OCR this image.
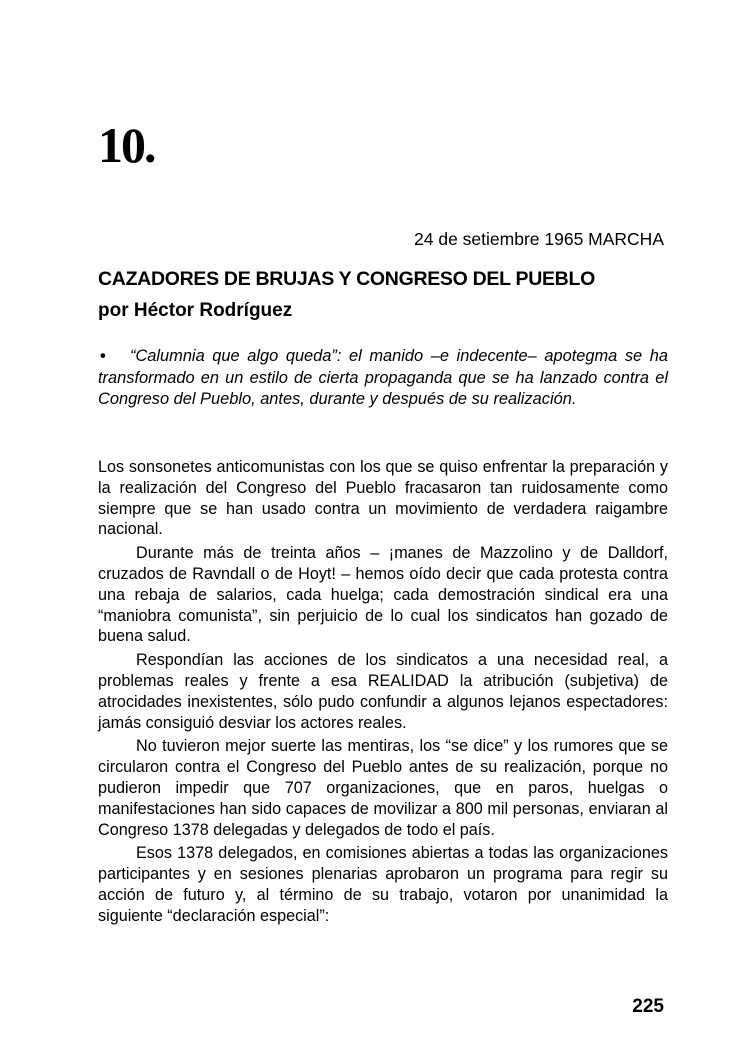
10.
24 de setiembre 1965 MARCHA
CAZADORES DE BRUJAS Y CONGRESO DEL PUEBLO
por Héctor Rodríguez
• “Calumnia que algo queda”: el manido –e indecente– apotegma se ha transformado en un estilo de cierta propaganda que se ha lanzado contra el Congreso del Pueblo, antes, durante y después de su realización.

Los sonsonetes anticomunistas con los que se quiso enfrentar la preparación y la realización del Congreso del Pueblo fracasaron tan ruidosamente como siempre que se han usado contra un movimiento de verdadera raigambre nacional.

Durante más de treinta años – ¡manes de Mazzolino y de Dalldorf, cruzados de Ravndall o de Hoyt! – hemos oído decir que cada protesta contra una rebaja de salarios, cada huelga; cada demostración sindical era una “maniobra comunista”, sin perjuicio de lo cual los sindicatos han gozado de buena salud.

Respondían las acciones de los sindicatos a una necesidad real, a problemas reales y frente a esa REALIDAD la atribución (subjetiva) de atrocidades inexistentes, sólo pudo confundir a algunos lejanos espectadores: jamás consiguió desviar los actores reales.

No tuvieron mejor suerte las mentiras, los “se dice” y los rumores que se circularon contra el Congreso del Pueblo antes de su realización, porque no pudieron impedir que 707 organizaciones, que en paros, huelgas o manifestaciones han sido capaces de movilizar a 800 mil personas, enviaran al Congreso 1378 delegadas y delegados de todo el país.

Esos 1378 delegados, en comisiones abiertas a todas las organizaciones participantes y en sesiones plenarias aprobaron un programa para regir su acción de futuro y, al término de su trabajo, votaron por unanimidad la siguiente “declaración especial”:

225
